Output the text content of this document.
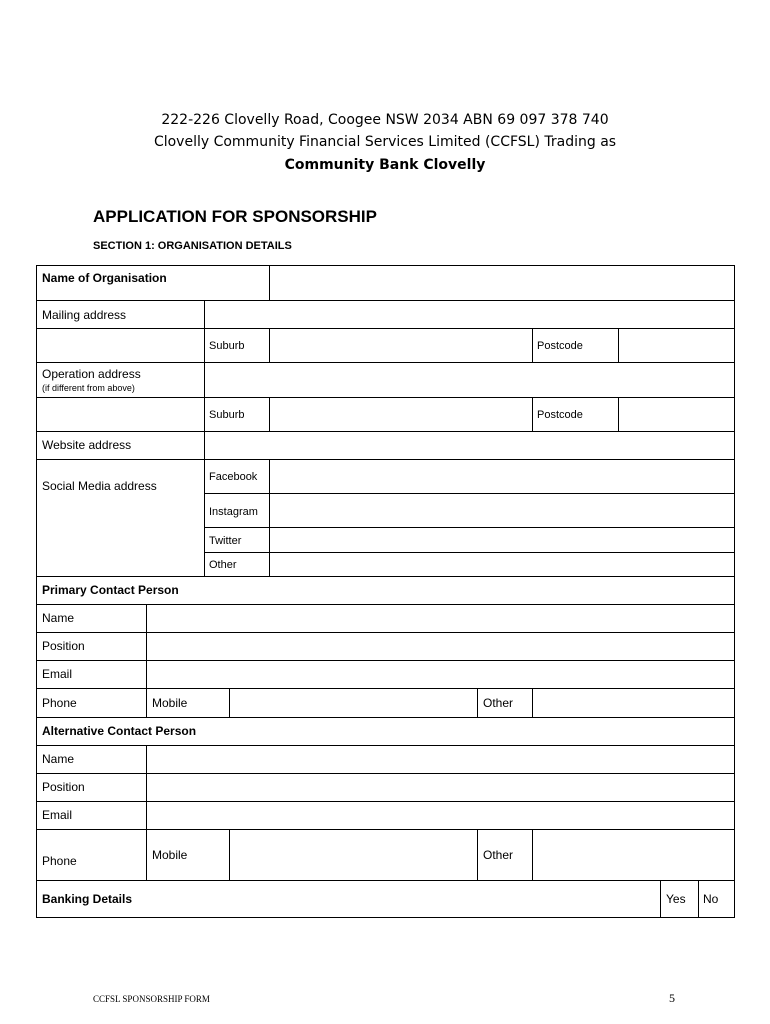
222-226 Clovelly Road, Coogee NSW 2034 ABN 69 097 378 740
Clovelly Community Financial Services Limited (CCFSL) Trading as
Community Bank Clovelly
APPLICATION FOR SPONSORSHIP
SECTION 1: ORGANISATION DETAILS
Name of Organisation
Mailing address
Suburb	Postcode
Operation address
(if different from above)
Suburb	Postcode
Website address
Social Media address
Facebook
Instagram
Twitter
Other
Primary Contact Person
Name
Position
Email
Phone	Mobile	Other
Alternative Contact Person
Name
Position
Email
Phone	Mobile	Other
Banking Details	Yes No
CCFSL SPONSORSHIP FORM	5
